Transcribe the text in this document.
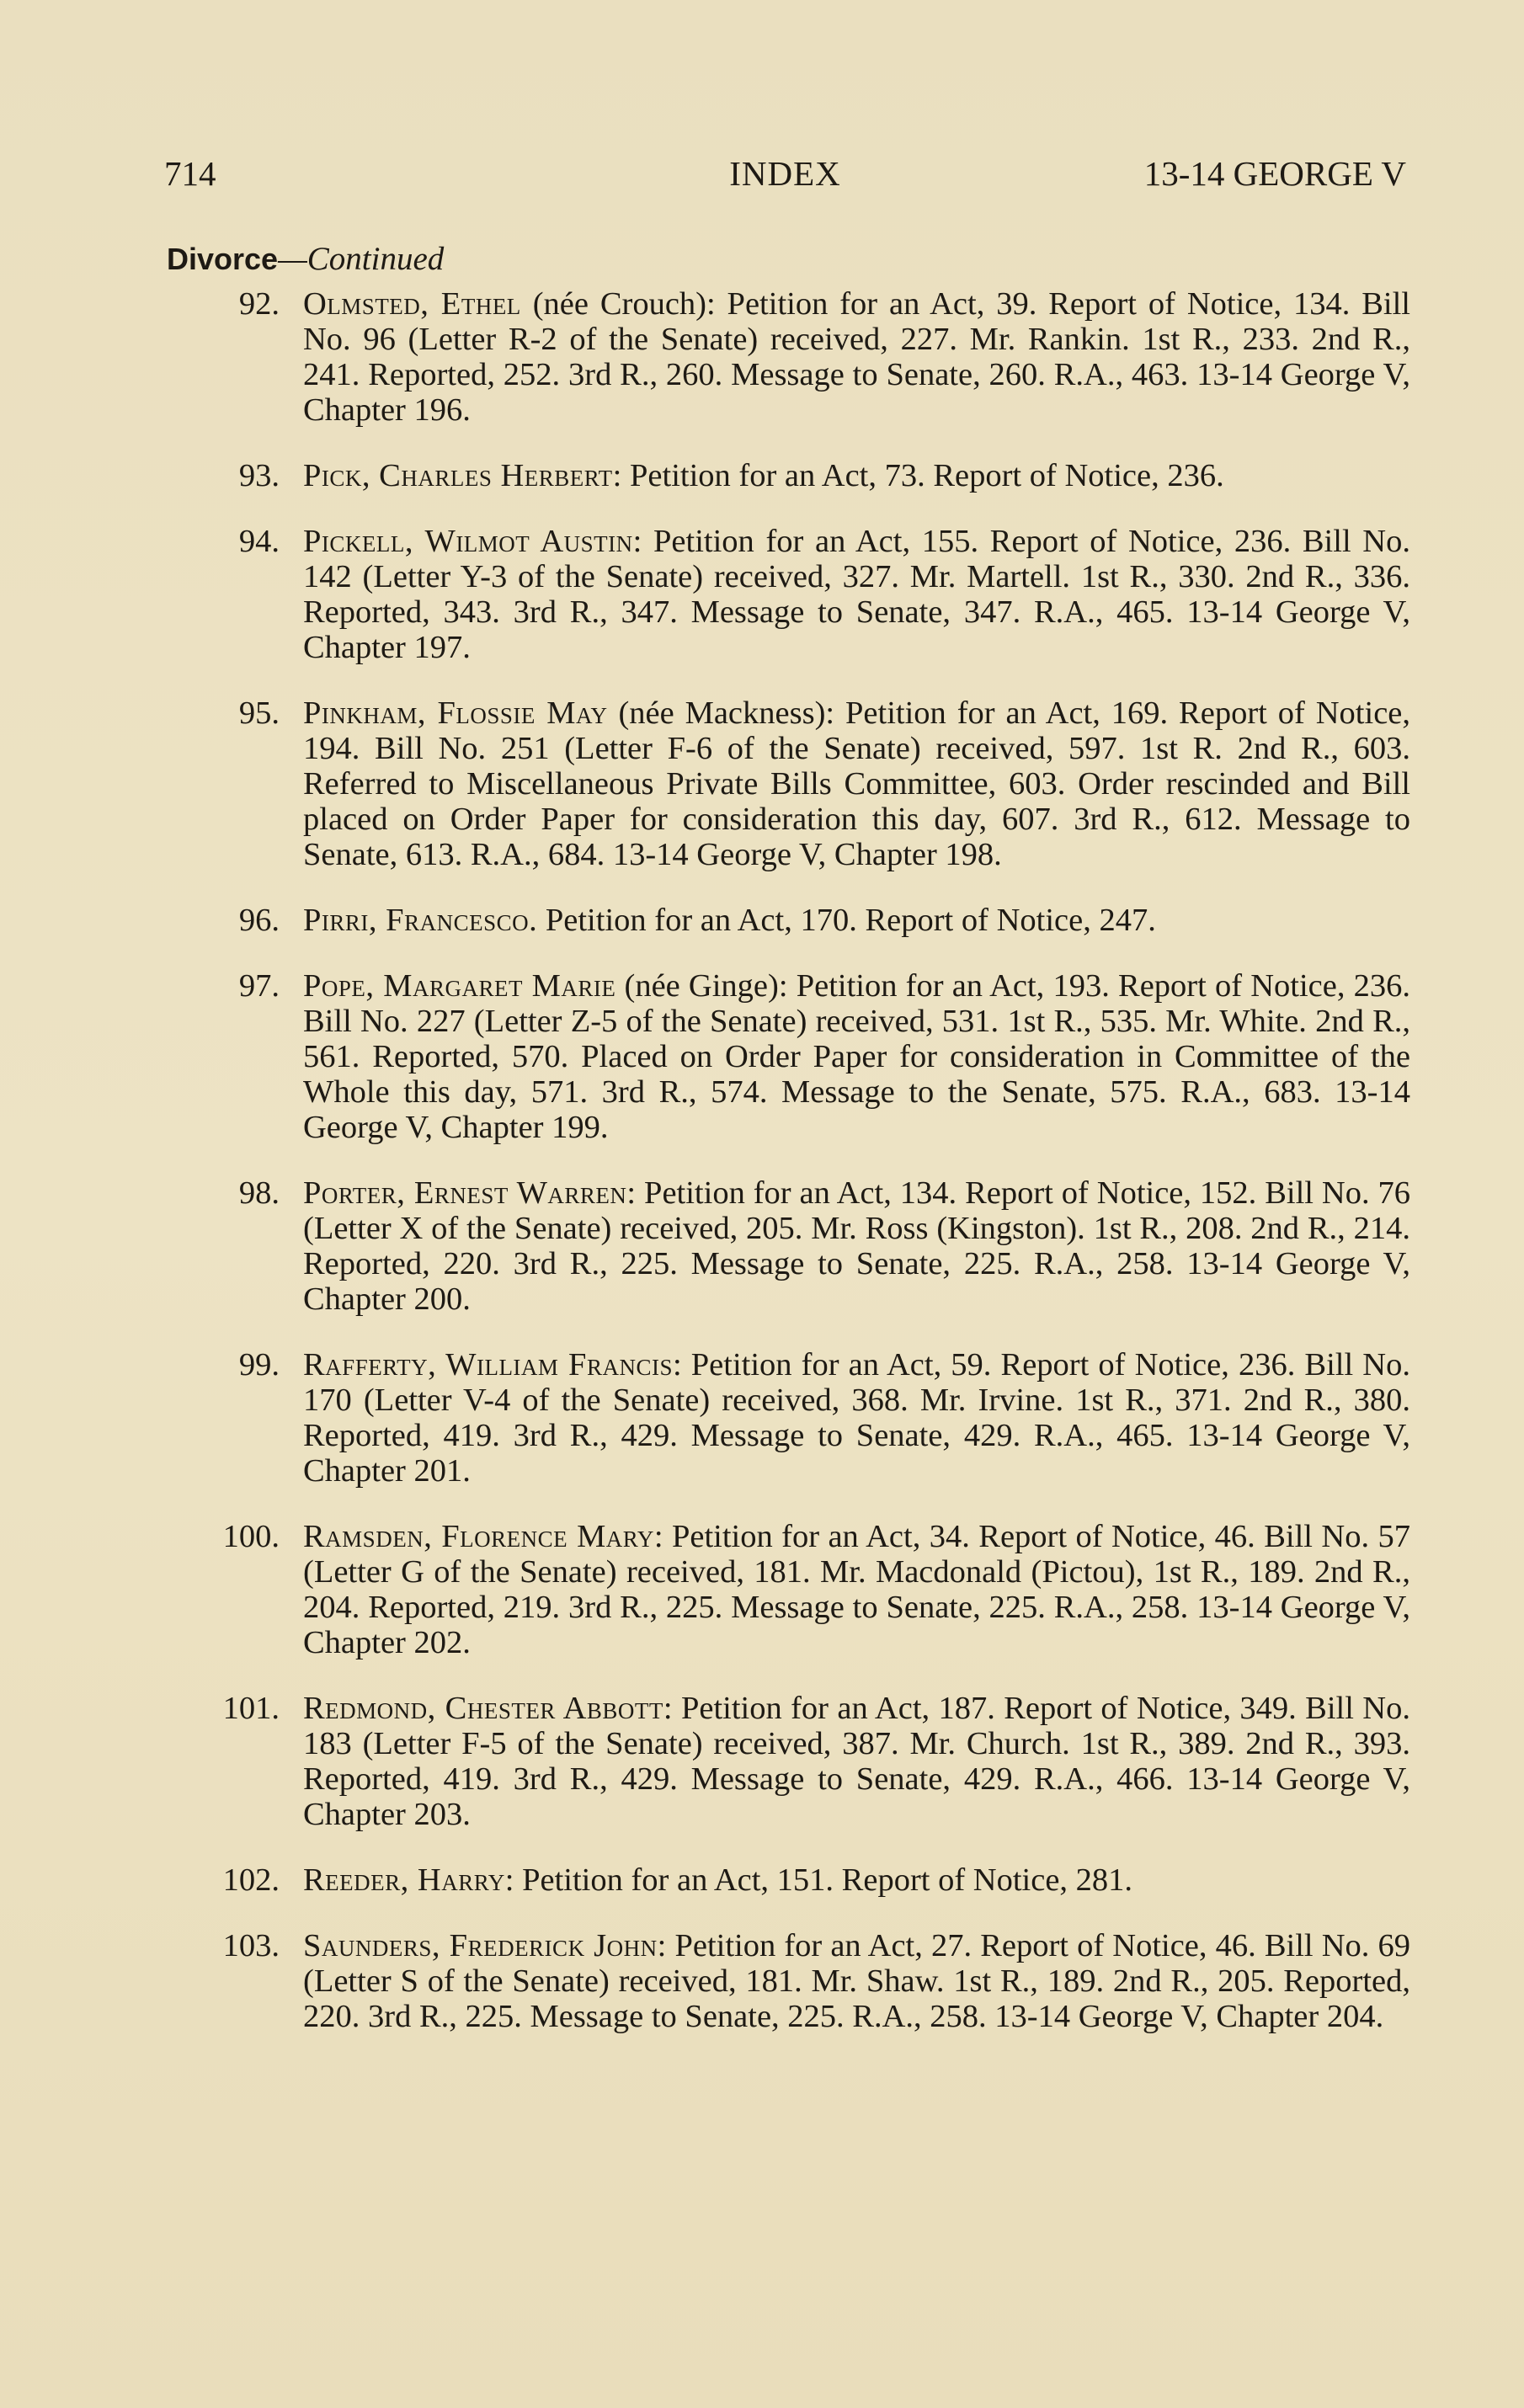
714	INDEX	13-14 GEORGE V
Divorce—Continued
92. Olmsted, Ethel (née Crouch): Petition for an Act, 39. Report of Notice, 134. Bill No. 96 (Letter R-2 of the Senate) received, 227. Mr. Rankin. 1st R., 233. 2nd R., 241. Reported, 252. 3rd R., 260. Message to Senate, 260. R.A., 463. 13-14 George V, Chapter 196.
93. Pick, Charles Herbert: Petition for an Act, 73. Report of Notice, 236.
94. Pickell, Wilmot Austin: Petition for an Act, 155. Report of Notice, 236. Bill No. 142 (Letter Y-3 of the Senate) received, 327. Mr. Martell. 1st R., 330. 2nd R., 336. Reported, 343. 3rd R., 347. Message to Senate, 347. R.A., 465. 13-14 George V, Chapter 197.
95. Pinkham, Flossie May (née Mackness): Petition for an Act, 169. Report of Notice, 194. Bill No. 251 (Letter F-6 of the Senate) received, 597. 1st R. 2nd R., 603. Referred to Miscellaneous Private Bills Committee, 603. Order rescinded and Bill placed on Order Paper for consideration this day, 607. 3rd R., 612. Message to Senate, 613. R.A., 684. 13-14 George V, Chapter 198.
96. Pirri, Francesco. Petition for an Act, 170. Report of Notice, 247.
97. Pope, Margaret Marie (née Ginge): Petition for an Act, 193. Report of Notice, 236. Bill No. 227 (Letter Z-5 of the Senate) received, 531. 1st R., 535. Mr. White. 2nd R., 561. Reported, 570. Placed on Order Paper for consideration in Committee of the Whole this day, 571. 3rd R., 574. Message to the Senate, 575. R.A., 683. 13-14 George V, Chapter 199.
98. Porter, Ernest Warren: Petition for an Act, 134. Report of Notice, 152. Bill No. 76 (Letter X of the Senate) received, 205. Mr. Ross (Kingston). 1st R., 208. 2nd R., 214. Reported, 220. 3rd R., 225. Message to Senate, 225. R.A., 258. 13-14 George V, Chapter 200.
99. Rafferty, William Francis: Petition for an Act, 59. Report of Notice, 236. Bill No. 170 (Letter V-4 of the Senate) received, 368. Mr. Irvine. 1st R., 371. 2nd R., 380. Reported, 419. 3rd R., 429. Message to Senate, 429. R.A., 465. 13-14 George V, Chapter 201.
100. Ramsden, Florence Mary: Petition for an Act, 34. Report of Notice, 46. Bill No. 57 (Letter G of the Senate) received, 181. Mr. Macdonald (Pictou), 1st R., 189. 2nd R., 204. Reported, 219. 3rd R., 225. Message to Senate, 225. R.A., 258. 13-14 George V, Chapter 202.
101. Redmond, Chester Abbott: Petition for an Act, 187. Report of Notice, 349. Bill No. 183 (Letter F-5 of the Senate) received, 387. Mr. Church. 1st R., 389. 2nd R., 393. Reported, 419. 3rd R., 429. Message to Senate, 429. R.A., 466. 13-14 George V, Chapter 203.
102. Reeder, Harry: Petition for an Act, 151. Report of Notice, 281.
103. Saunders, Frederick John: Petition for an Act, 27. Report of Notice, 46. Bill No. 69 (Letter S of the Senate) received, 181. Mr. Shaw. 1st R., 189. 2nd R., 205. Reported, 220. 3rd R., 225. Message to Senate, 225. R.A., 258. 13-14 George V, Chapter 204.
